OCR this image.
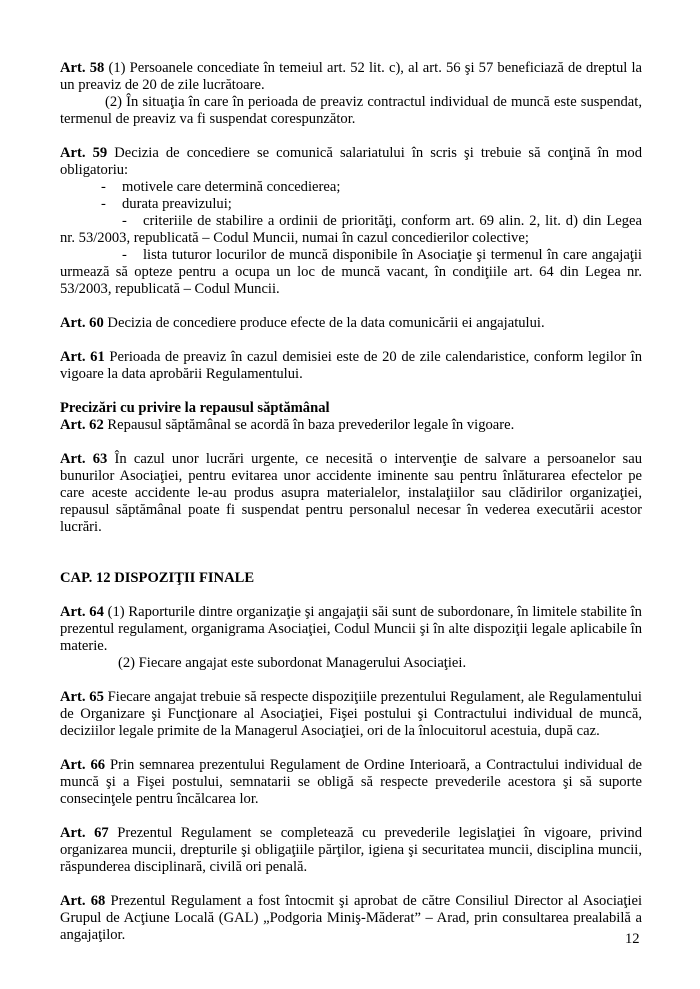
Art. 58 (1) Persoanele concediate în temeiul art. 52 lit. c), al art. 56 şi 57 beneficiază de dreptul la un preaviz de 20 de zile lucrătoare.

(2) În situaţia în care în perioada de preaviz contractul individual de muncă este suspendat, termenul de preaviz va fi suspendat corespunzător.

Art. 59 Decizia de concediere se comunică salariatului în scris şi trebuie să conţină în mod obligatoriu:

- motivele care determină concedierea;

- durata preavizului;

- criteriile de stabilire a ordinii de priorităţi, conform art. 69 alin. 2, lit. d) din Legea nr. 53/2003, republicată – Codul Muncii, numai în cazul concedierilor colective;

- lista tuturor locurilor de muncă disponibile în Asociaţie şi termenul în care angajaţii urmează să opteze pentru a ocupa un loc de muncă vacant, în condiţiile art. 64 din Legea nr. 53/2003, republicată – Codul Muncii.

Art. 60 Decizia de concediere produce efecte de la data comunicării ei angajatului.

Art. 61 Perioada de preaviz în cazul demisiei este de 20 de zile calendaristice, conform legilor în vigoare la data aprobării Regulamentului.

Precizări cu privire la repausul săptămânal

Art. 62 Repausul săptămânal se acordă în baza prevederilor legale în vigoare.

Art. 63 În cazul unor lucrări urgente, ce necesită o intervenţie de salvare a persoanelor sau bunurilor Asociaţiei, pentru evitarea unor accidente iminente sau pentru înlăturarea efectelor pe care aceste accidente le-au produs asupra materialelor, instalaţiilor sau clădirilor organizaţiei, repausul săptămânal poate fi suspendat pentru personalul necesar în vederea executării acestor lucrări.

CAP. 12 DISPOZIŢII FINALE

Art. 64 (1) Raporturile dintre organizaţie şi angajaţii săi sunt de subordonare, în limitele stabilite în prezentul regulament, organigrama Asociaţiei, Codul Muncii şi în alte dispoziţii legale aplicabile în materie.

(2) Fiecare angajat este subordonat Managerului Asociaţiei.

Art. 65 Fiecare angajat trebuie să respecte dispoziţiile prezentului Regulament, ale Regulamentului de Organizare şi Funcţionare al Asociaţiei, Fişei postului şi Contractului individual de muncă, deciziilor legale primite de la Managerul Asociaţiei, ori de la înlocuitorul acestuia, după caz.

Art. 66 Prin semnarea prezentului Regulament de Ordine Interioară, a Contractului individual de muncă şi a Fişei postului, semnatarii se obligă să respecte prevederile acestora şi să suporte consecinţele pentru încălcarea lor.

Art. 67 Prezentul Regulament se completează cu prevederile legislaţiei în vigoare, privind organizarea muncii, drepturile şi obligaţiile părţilor, igiena şi securitatea muncii, disciplina muncii, răspunderea disciplinară, civilă ori penală.

Art. 68 Prezentul Regulament a fost întocmit şi aprobat de către Consiliul Director al Asociaţiei Grupul de Acţiune Locală (GAL) „Podgoria Miniş-Măderat” – Arad, prin consultarea prealabilă a angajaţilor.	12
